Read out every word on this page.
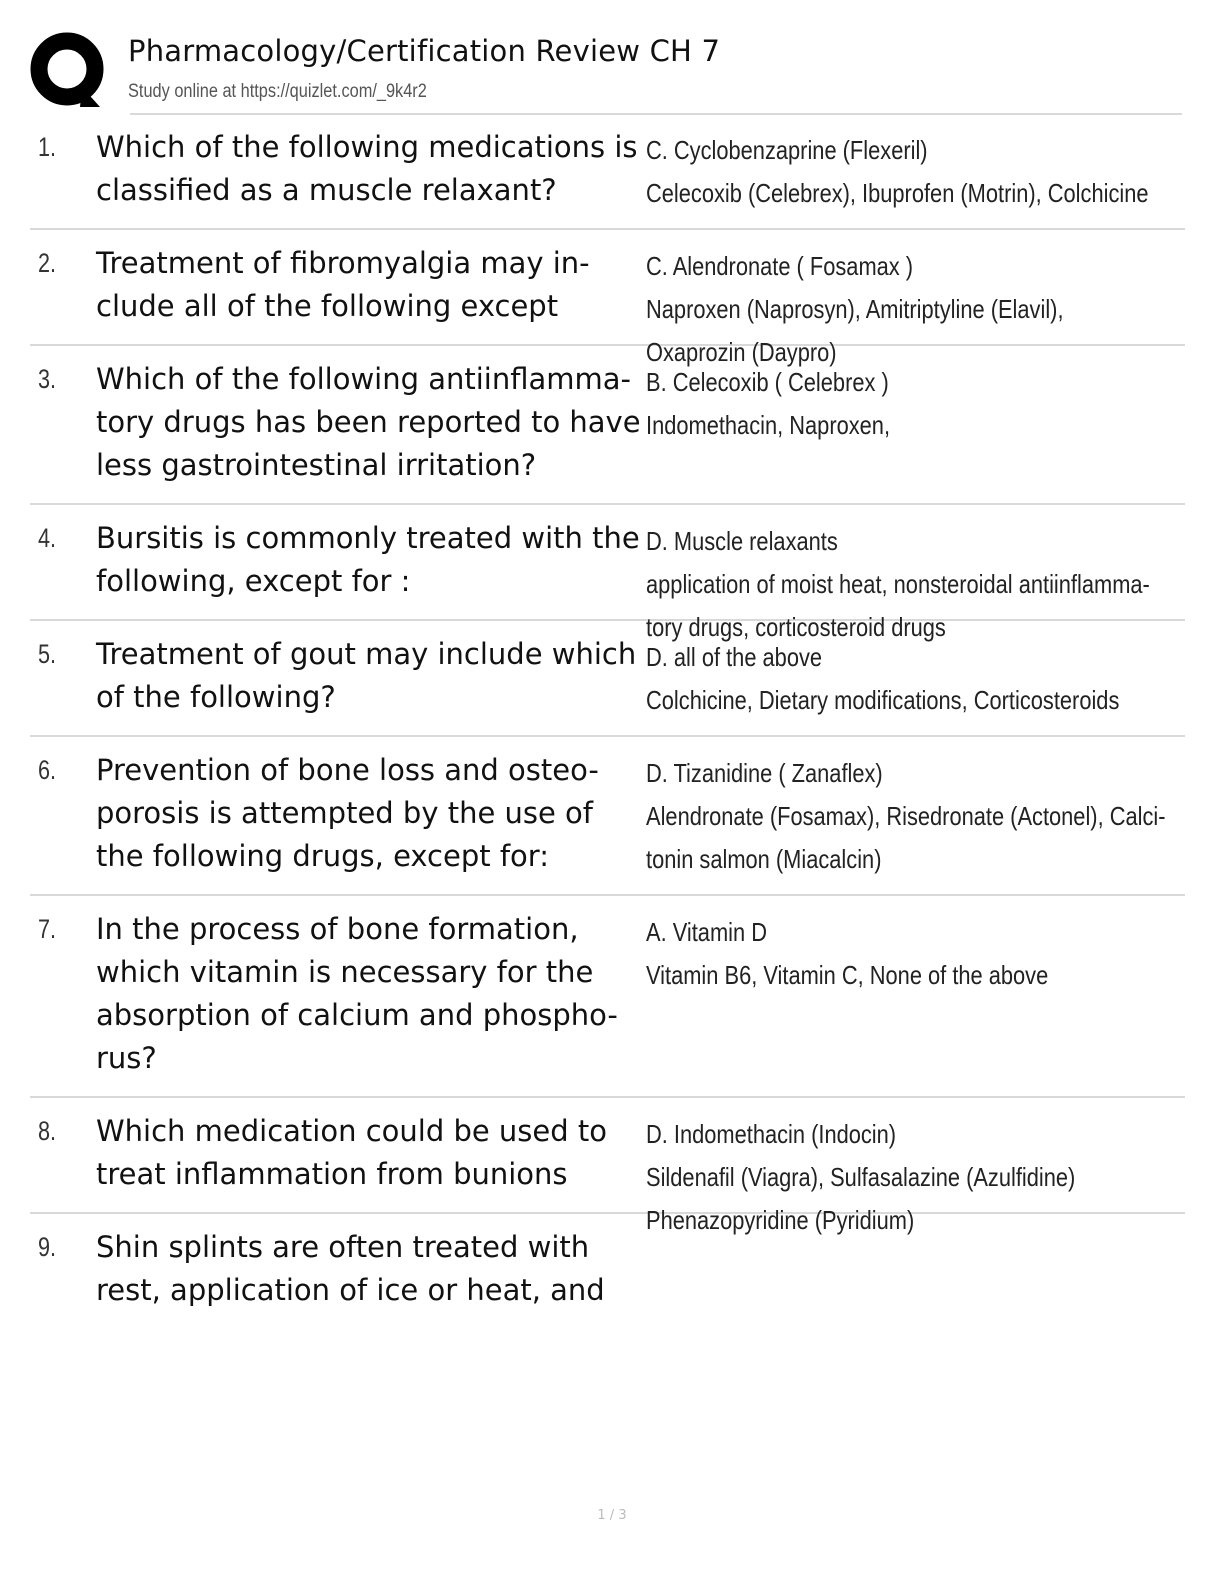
Pharmacology/Certification Review CH 7
Study online at https://quizlet.com/_9k4r2
1. Which of the following medications is classified as a muscle relaxant?
C. Cyclobenzaprine (Flexeril)
Celecoxib (Celebrex), Ibuprofen (Motrin), Colchicine
2. Treatment of fibromyalgia may in-clude all of the following except
C. Alendronate ( Fosamax )
Naproxen (Naprosyn), Amitriptyline (Elavil),
Oxaprozin (Daypro)
3. Which of the following antiinflamma-tory drugs has been reported to have less gastrointestinal irritation?
B. Celecoxib ( Celebrex )
Indomethacin, Naproxen,
4. Bursitis is commonly treated with the following, except for :
D. Muscle relaxants
application of moist heat, nonsteroidal antiinflamma-
tory drugs, corticosteroid drugs
5. Treatment of gout may include which of the following?
D. all of the above
Colchicine, Dietary modifications, Corticosteroids
6. Prevention of bone loss and osteo-porosis is attempted by the use of the following drugs, except for:
D. Tizanidine ( Zanaflex)
Alendronate (Fosamax), Risedronate (Actonel), Calci-
tonin salmon (Miacalcin)
7. In the process of bone formation, which vitamin is necessary for the absorption of calcium and phospho-rus?
A. Vitamin D
Vitamin B6, Vitamin C, None of the above
8. Which medication could be used to treat inflammation from bunions
D. Indomethacin (Indocin)
Sildenafil (Viagra), Sulfasalazine (Azulfidine)
Phenazopyridine (Pyridium)
9. Shin splints are often treated with rest, application of ice or heat, and
1 / 3
